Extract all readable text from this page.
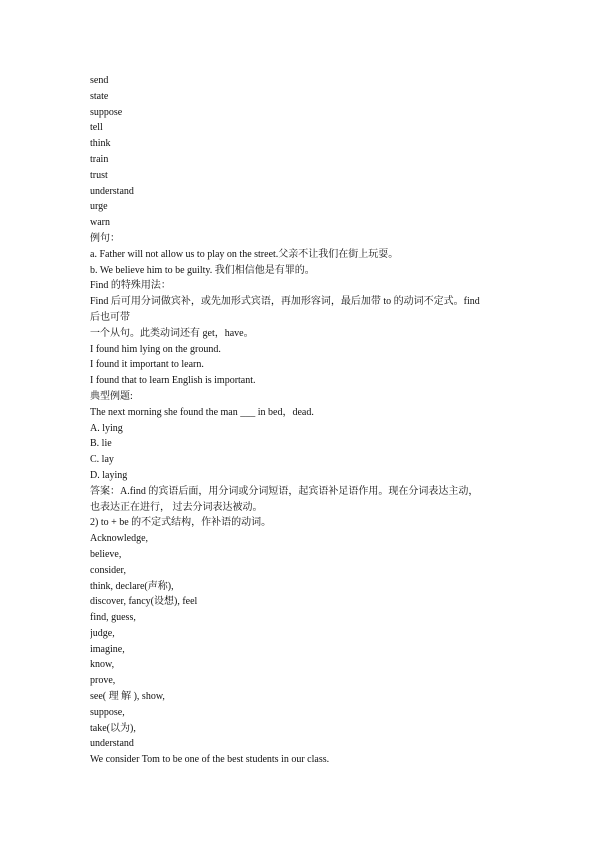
send
state
suppose
tell
think
train
trust
understand
urge
warn
例句：
a. Father will not allow us to play on the street.父亲不让我们在街上玩耍。
b. We believe him to be guilty. 我们相信他是有罪的。
Find 的特殊用法：
Find 后可用分词做宾补，或先加形式宾语，再加形容词，最后加带 to 的动词不定式。find
后也可带
一个从句。此类动词还有 get，have。
I found him lying on the ground.
I found it important to learn.
I found that to learn English is important.
典型例题:
The next morning she found the man ___ in bed，dead.
A. lying
B. lie
C. lay
D. laying
答案：A.find 的宾语后面，用分词或分词短语，起宾语补足语作用。现在分词表达主动，
也表达正在进行， 过去分词表达被动。
2) to + be 的不定式结构，作补语的动词。
Acknowledge,
believe,
consider,
think, declare(声称),
discover, fancy(设想), feel
find, guess,
judge,
imagine,
know,
prove,
see( 理 解 ), show,
suppose,
take(以为),
understand
We consider Tom to be one of the best students in our class.
